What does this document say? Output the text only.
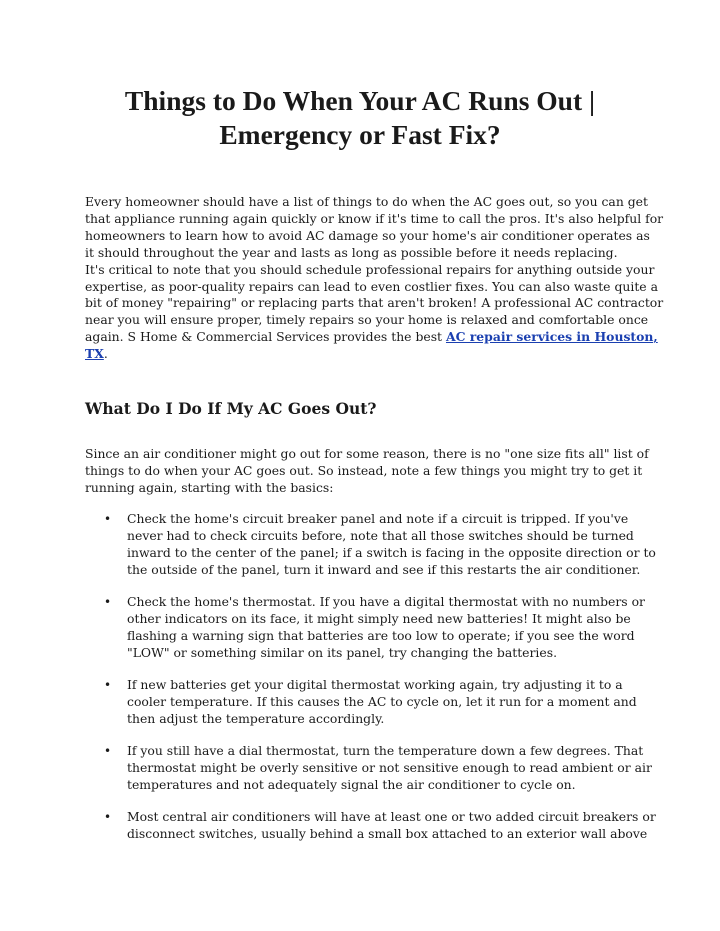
Things to Do When Your AC Runs Out |
Emergency or Fast Fix?

Every homeowner should have a list of things to do when the AC goes out, so you can get
that appliance running again quickly or know if it's time to call the pros. It's also helpful for
homeowners to learn how to avoid AC damage so your home's air conditioner operates as
it should throughout the year and lasts as long as possible before it needs replacing.
It's critical to note that you should schedule professional repairs for anything outside your
expertise, as poor-quality repairs can lead to even costlier fixes. You can also waste quite a
bit of money "repairing" or replacing parts that aren't broken! A professional AC contractor
near you will ensure proper, timely repairs so your home is relaxed and comfortable once
again. S Home & Commercial Services provides the best AC repair services in Houston,
TX.

What Do I Do If My AC Goes Out?

Since an air conditioner might go out for some reason, there is no "one size fits all" list of
things to do when your AC goes out. So instead, note a few things you might try to get it
running again, starting with the basics:

• Check the home's circuit breaker panel and note if a circuit is tripped. If you've
never had to check circuits before, note that all those switches should be turned
inward to the center of the panel; if a switch is facing in the opposite direction or to
the outside of the panel, turn it inward and see if this restarts the air conditioner.
• Check the home's thermostat. If you have a digital thermostat with no numbers or
other indicators on its face, it might simply need new batteries! It might also be
flashing a warning sign that batteries are too low to operate; if you see the word
"LOW" or something similar on its panel, try changing the batteries.
• If new batteries get your digital thermostat working again, try adjusting it to a
cooler temperature. If this causes the AC to cycle on, let it run for a moment and
then adjust the temperature accordingly.
• If you still have a dial thermostat, turn the temperature down a few degrees. That
thermostat might be overly sensitive or not sensitive enough to read ambient or air
temperatures and not adequately signal the air conditioner to cycle on.
• Most central air conditioners will have at least one or two added circuit breakers or
disconnect switches, usually behind a small box attached to an exterior wall above
